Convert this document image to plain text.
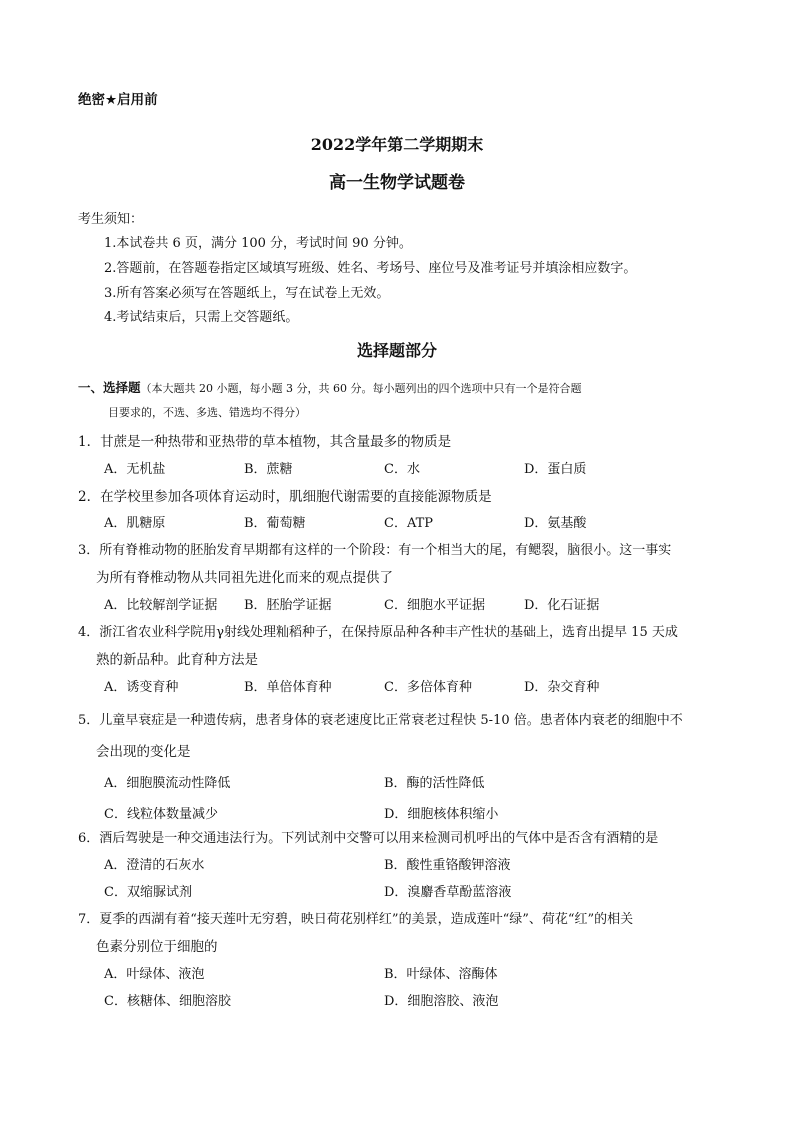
绝密★启用前
2022学年第二学期期末
高一生物学试题卷
考生须知：
1.本试卷共 6 页，满分 100 分，考试时间 90 分钟。
2.答题前，在答题卷指定区域填写班级、姓名、考场号、座位号及准考证号并填涂相应数字。
3.所有答案必须写在答题纸上，写在试卷上无效。
4.考试结束后，只需上交答题纸。
选择题部分
一、选择题（本大题共 20 小题，每小题 3 分，共 60 分。每小题列出的四个选项中只有一个是符合题
目要求的，不选、多选、错选均不得分）
1．甘蔗是一种热带和亚热带的草本植物，其含量最多的物质是
A．无机盐	B．蔗糖	C．水	D．蛋白质
2．在学校里参加各项体育运动时，肌细胞代谢需要的直接能源物质是
A．肌糖原	B．葡萄糖	C．ATP	D．氨基酸
3．所有脊椎动物的胚胎发育早期都有这样的一个阶段：有一个相当大的尾，有鳃裂，脑很小。这一事实
为所有脊椎动物从共同祖先进化而来的观点提供了
A．比较解剖学证据 B．胚胎学证据	C．细胞水平证据	D．化石证据
4．浙江省农业科学院用γ射线处理籼稻种子，在保持原品种各种丰产性状的基础上，选育出提早 15 天成
熟的新品种。此育种方法是
A．诱变育种	B．单倍体育种	C．多倍体育种	D．杂交育种
5．儿童早衰症是一种遗传病，患者身体的衰老速度比正常衰老过程快 5-10 倍。患者体内衰老的细胞中不
会出现的变化是
A．细胞膜流动性降低	B．酶的活性降低
C．线粒体数量减少	D．细胞核体积缩小
6．酒后驾驶是一种交通违法行为。下列试剂中交警可以用来检测司机呼出的气体中是否含有酒精的是
A．澄清的石灰水	B．酸性重铬酸钾溶液
C．双缩脲试剂	D．溴麝香草酚蓝溶液
7．夏季的西湖有着“接天莲叶无穷碧，映日荷花别样红”的美景，造成莲叶“绿”、荷花“红”的相关
色素分别位于细胞的
A．叶绿体、液泡	B．叶绿体、溶酶体
C．核糖体、细胞溶胶	D．细胞溶胶、液泡
